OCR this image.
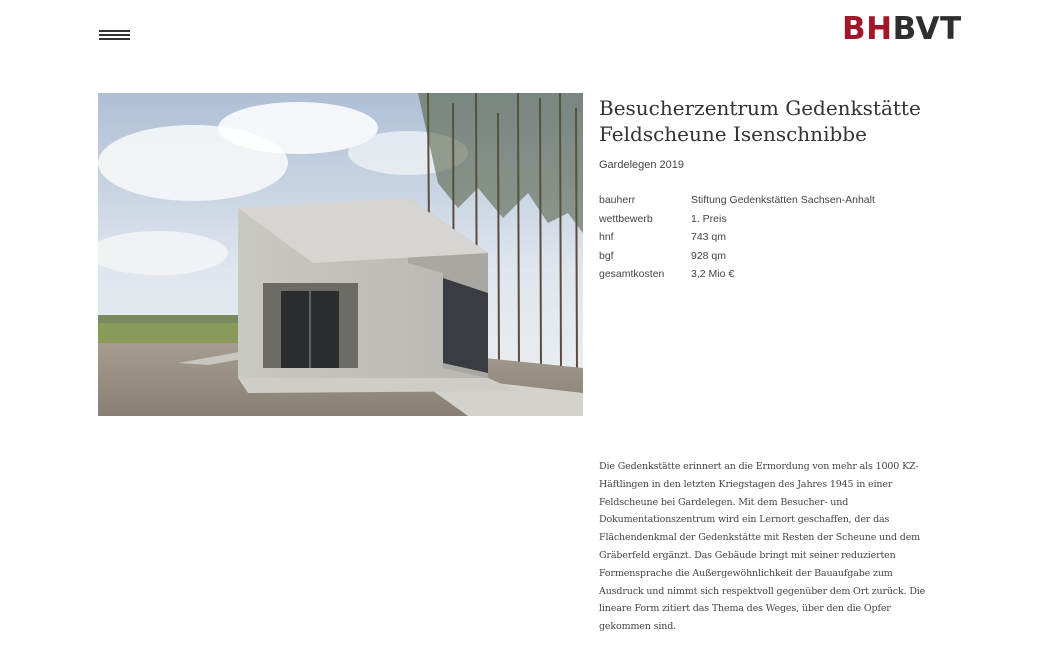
BHBVT
Besucherzentrum Gedenkstätte Feldscheune Isenschnibbe
Gardelegen 2019
bauherr	Stiftung Gedenkstätten Sachsen-Anhalt
wettbewerb	1. Preis
hnf	743 qm
bgf	928 qm
gesamtkosten	3,2 Mio €

Die Gedenkstätte erinnert an die Ermordung von mehr als 1000 KZ-Häftlingen in den letzten Kriegstagen des Jahres 1945 in einer Feldscheune bei Gardelegen. Mit dem Besucher- und Dokumentationszentrum wird ein Lernort geschaffen, der das Flächendenkmal der Gedenkstätte mit Resten der Scheune und dem Gräberfeld ergänzt. Das Gebäude bringt mit seiner reduzierten Formensprache die Außergewöhnlichkeit der Bauaufgabe zum Ausdruck und nimmt sich respektvoll gegenüber dem Ort zurück. Die lineare Form zitiert das Thema des Weges, über den die Opfer gekommen sind.
